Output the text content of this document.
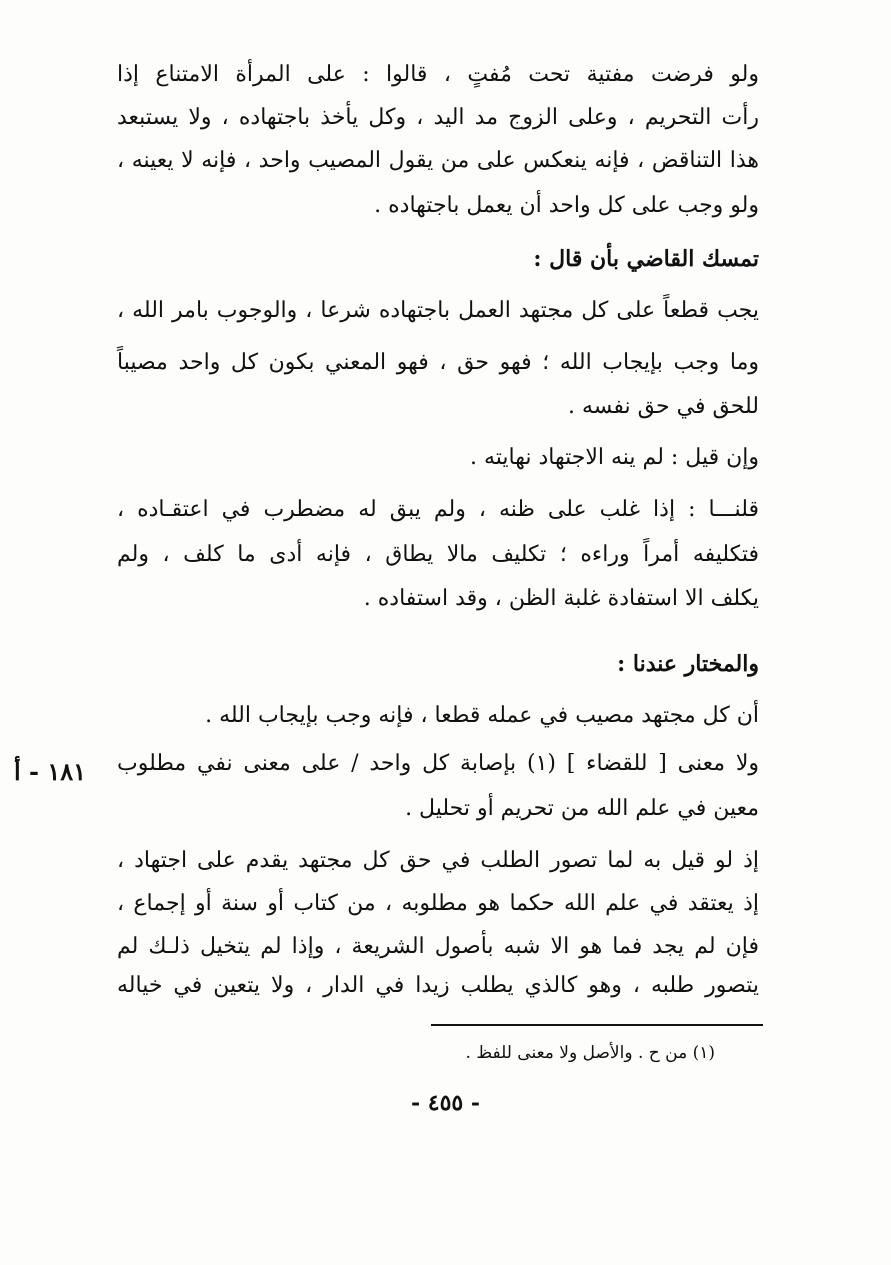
ولو فرضت مفتية تحت مُفتٍ ، قالوا : على المرأة الامتناع إذا
رأت التحريم ، وعلى الزوج مد اليد ، وكل يأخذ باجتهاده ، ولا يستبعد
هذا التناقض ، فإنه ينعكس على من يقول المصيب واحد ، فإنه لا يعينه ،
ولو وجب على كل واحد أن يعمل باجتهاده .
تمسك القاضي بأن قال :
يجب قطعاً على كل مجتهد العمل باجتهاده شرعا ، والوجوب بامر الله ،
وما وجب بإيجاب الله ؛ فهو حق ، فهو المعني بكون كل واحد مصيباً
للحق في حق نفسه .
وإن قيل : لم ينه الاجتهاد نهايته .
قلنـــا : إذا غلب على ظنه ، ولم يبق له مضطرب في اعتقـاده ،
فتكليفه أمراً وراءه ؛ تكليف مالا يطاق ، فإنه أدى ما كلف ، ولم
يكلف الا استفادة غلبة الظن ، وقد استفاده .
والمختار عندنا :
أن كل مجتهد مصيب في عمله قطعا ، فإنه وجب بإيجاب الله .
ولا معنى [ للقضاء ] (١) بإصابة كل واحد / على معنى نفي مطلوب
معين في علم الله من تحريم أو تحليل .
إذ لو قيل به لما تصور الطلب في حق كل مجتهد يقدم على اجتهاد ،
إذ يعتقد في علم الله حكما هو مطلوبه ، من كتاب أو سنة أو إجماع ،
فإن لم يجد فما هو الا شبه بأصول الشريعة ، وإذا لم يتخيل ذلـك لم
يتصور طلبه ، وهو كالذي يطلب زيدا في الدار ، ولا يتعين في خياله
١٨١ - أ
(١) من ح . والأصل ولا معنى للفظ .
- ٤٥٥ -
